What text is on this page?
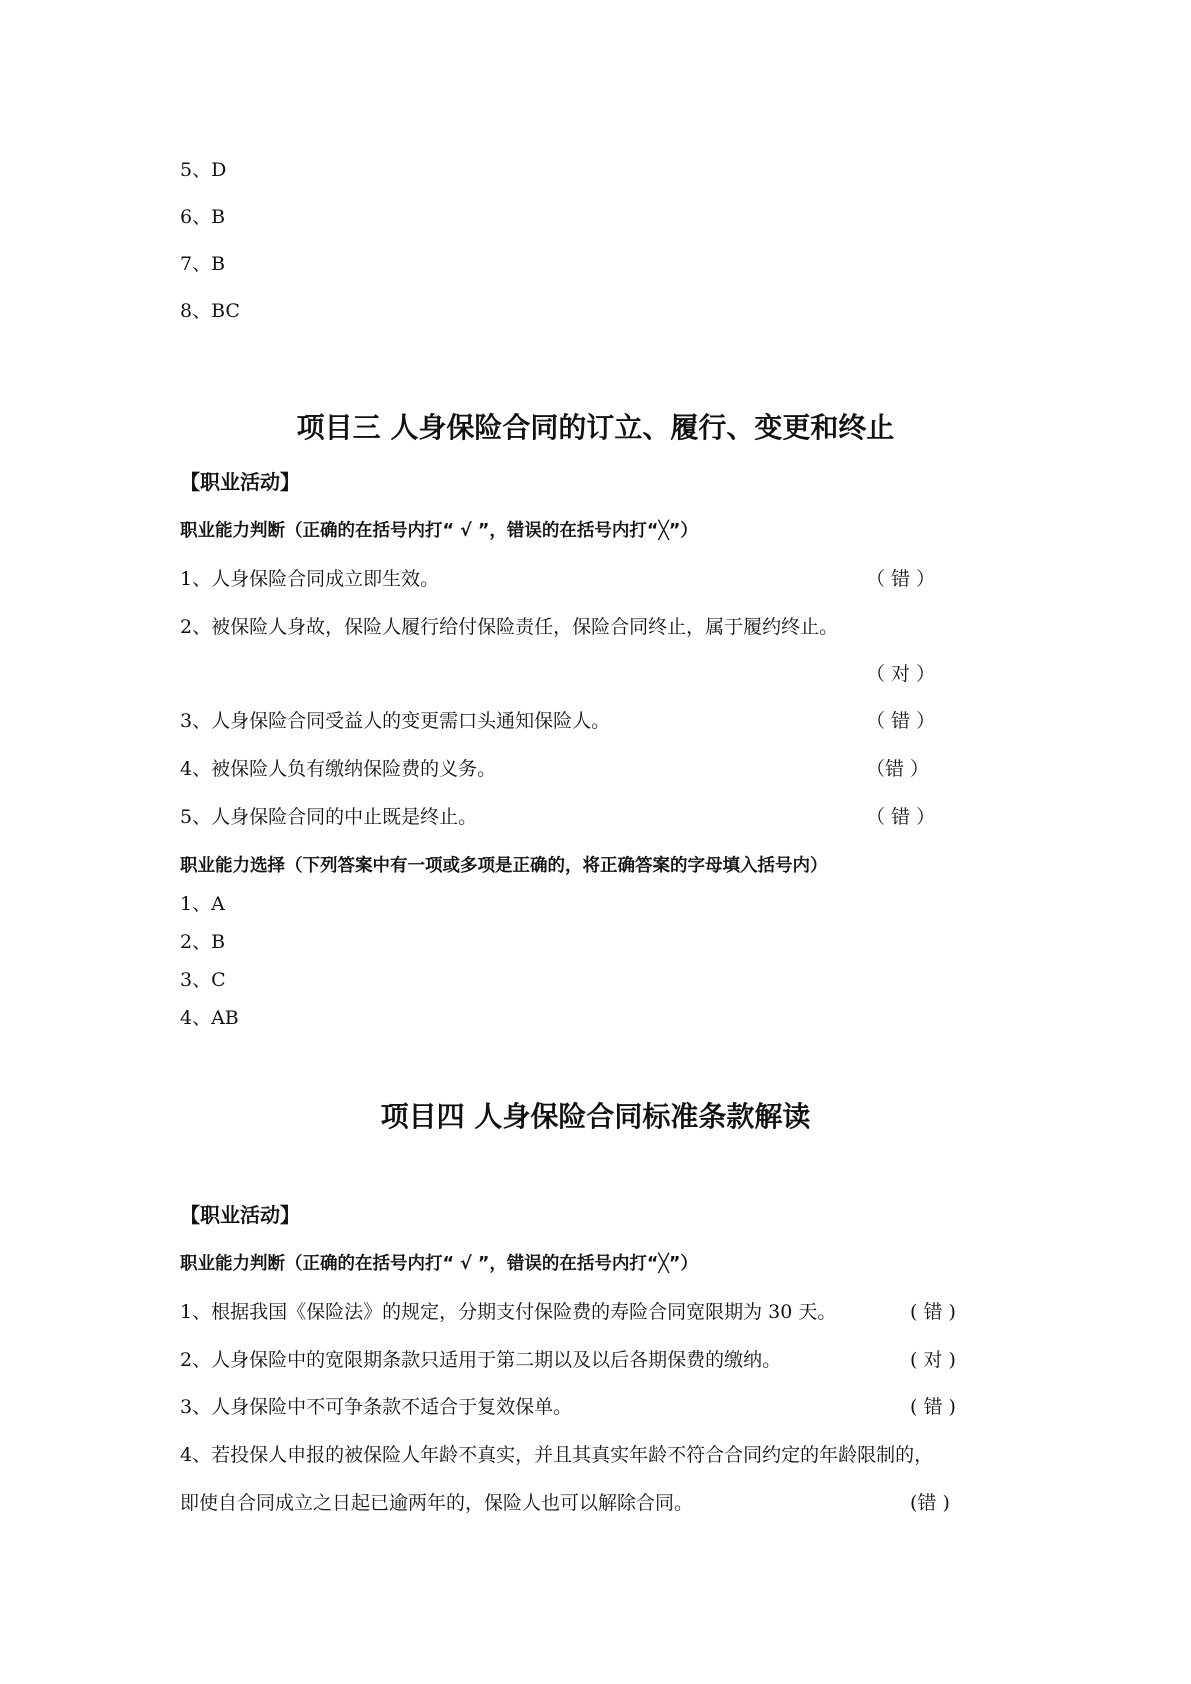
5、D
6、B
7、B
8、BC
项目三 人身保险合同的订立、履行、变更和终止
【职业活动】
职业能力判断（正确的在括号内打“ √ ”，错误的在括号内打“╳”）
1、人身保险合同成立即生效。	（ 错 ）
2、被保险人身故，保险人履行给付保险责任，保险合同终止，属于履约终止。
（ 对 ）
3、人身保险合同受益人的变更需口头通知保险人。	（ 错 ）
4、被保险人负有缴纳保险费的义务。	（错 ）
5、人身保险合同的中止既是终止。	（ 错 ）
职业能力选择（下列答案中有一项或多项是正确的，将正确答案的字母填入括号内）
1、A
2、B
3、C
4、AB
项目四 人身保险合同标准条款解读
【职业活动】
职业能力判断（正确的在括号内打“ √ ”，错误的在括号内打“╳”）
1、根据我国《保险法》的规定，分期支付保险费的寿险合同宽限期为 30 天。	( 错 )
2、人身保险中的宽限期条款只适用于第二期以及以后各期保费的缴纳。	( 对 )
3、人身保险中不可争条款不适合于复效保单。	( 错 )
4、若投保人申报的被保险人年龄不真实，并且其真实年龄不符合合同约定的年龄限制的，
即使自合同成立之日起已逾两年的，保险人也可以解除合同。	(错 )
